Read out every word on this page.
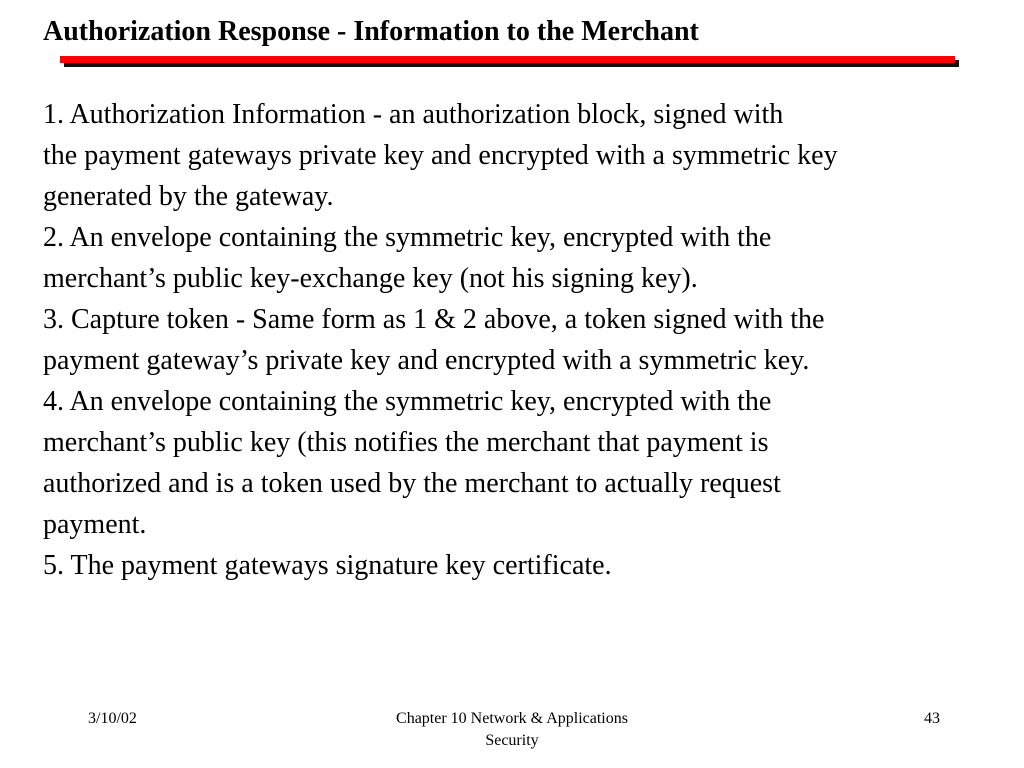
Authorization Response - Information to the Merchant

1. Authorization Information - an authorization block, signed with

the payment gateways private key and encrypted with a symmetric key

generated by the gateway.

2. An envelope containing the symmetric key, encrypted with the

merchant’s public key-exchange key (not his signing key).

3. Capture token - Same form as 1 & 2 above, a token signed with the

payment gateway’s private key and encrypted with a symmetric key.

4. An envelope containing the symmetric key, encrypted with the

merchant’s public key (this notifies the merchant that payment is

authorized and is a token used by the merchant to actually request

payment.

5. The payment gateways signature key certificate.

3/10/02	Chapter 10 Network & Applications
Security
43
